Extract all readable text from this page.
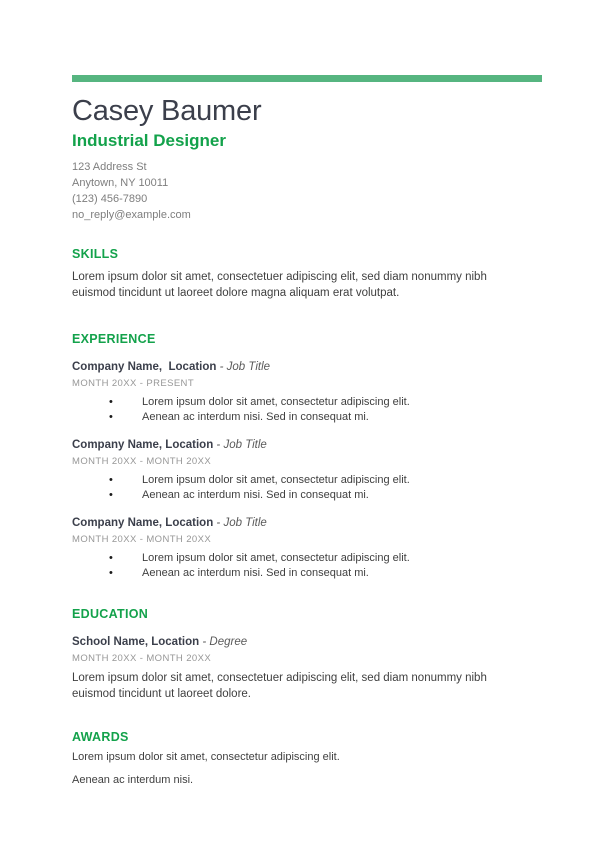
Casey Baumer
Industrial Designer
123 Address St
Anytown, NY 10011
(123) 456-7890
no_reply@example.com
SKILLS

Lorem ipsum dolor sit amet, consectetuer adipiscing elit, sed diam nonummy nibh euismod tincidunt ut laoreet dolore magna aliquam erat volutpat.

EXPERIENCE

Company Name,  Location - Job Title

MONTH 20XX - PRESENT

• Lorem ipsum dolor sit amet, consectetur adipiscing elit.
• Aenean ac interdum nisi. Sed in consequat mi.

Company Name, Location - Job Title

MONTH 20XX - MONTH 20XX

• Lorem ipsum dolor sit amet, consectetur adipiscing elit.
• Aenean ac interdum nisi. Sed in consequat mi.

Company Name, Location - Job Title

MONTH 20XX - MONTH 20XX

• Lorem ipsum dolor sit amet, consectetur adipiscing elit.
• Aenean ac interdum nisi. Sed in consequat mi.
EDUCATION

School Name, Location - Degree

MONTH 20XX - MONTH 20XX

Lorem ipsum dolor sit amet, consectetuer adipiscing elit, sed diam nonummy nibh euismod tincidunt ut laoreet dolore.

AWARDS

Lorem ipsum dolor sit amet, consectetur adipiscing elit.

Aenean ac interdum nisi.
